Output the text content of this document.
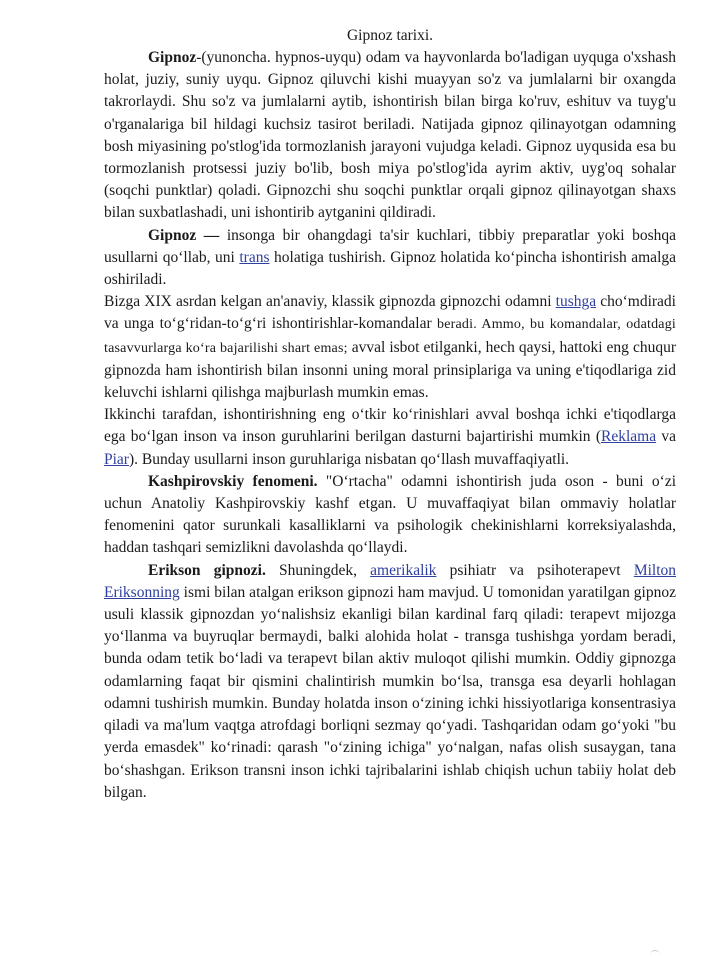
Gipnoz tarixi.

Gipnoz-(yunoncha. hypnos-uyqu) odam va hayvonlarda bo'ladigan uyquga o'xshash holat, juziy, suniy uyqu. Gipnoz qiluvchi kishi muayyan so'z va jumlalarni bir oxangda takrorlaydi. Shu so'z va jumlalarni aytib, ishontirish bilan birga ko'ruv, eshituv va tuyg'u o'rganalariga bil hildagi kuchsiz tasirot beriladi. Natijada gipnoz qilinayotgan odamning bosh miyasining po'stlog'ida tormozlanish jarayoni vujudga keladi. Gipnoz uyqusida esa bu tormozlanish protsessi juziy bo'lib, bosh miya po'stlog'ida ayrim aktiv, uyg'oq sohalar (soqchi punktlar) qoladi. Gipnozchi shu soqchi punktlar orqali gipnoz qilinayotgan shaxs bilan suxbatlashadi, uni ishontirib aytganini qildiradi.

Gipnoz — insonga bir ohangdagi ta'sir kuchlari, tibbiy preparatlar yoki boshqa usullarni qo‘llab, uni trans holatiga tushirish. Gipnoz holatida ko‘pincha ishontirish amalga oshiriladi.

Bizga XIX asrdan kelgan an'anaviy, klassik gipnozda gipnozchi odamni tushga cho‘mdiradi va unga to‘g‘ridan-to‘g‘ri ishontirishlar-komandalar beradi. Ammo, bu komandalar, odatdagi tasavvurlarga ko‘ra bajarilishi shart emas; avval isbot etilganki, hech qaysi, hattoki eng chuqur gipnozda ham ishontirish bilan insonni uning moral prinsiplariga va uning e'tiqodlariga zid keluvchi ishlarni qilishga majburlash mumkin emas.

Ikkinchi tarafdan, ishontirishning eng o‘tkir ko‘rinishlari avval boshqa ichki e'tiqodlarga ega bo‘lgan inson va inson guruhlarini berilgan dasturni bajartirishi mumkin (Reklama va Piar). Bunday usullarni inson guruhlariga nisbatan qo‘llash muvaffaqiyatli.

Kashpirovskiy fenomeni. "O‘rtacha" odamni ishontirish juda oson - buni o‘zi uchun Anatoliy Kashpirovskiy kashf etgan. U muvaffaqiyat bilan ommaviy holatlar fenomenini qator surunkali kasalliklarni va psihologik chekinishlarni korreksiyalashda, haddan tashqari semizlikni davolashda qo‘llaydi.

Erikson gipnozi. Shuningdek, amerikalik psihiatr va psihoterapevt Milton Eriksonning ismi bilan atalgan erikson gipnozi ham mavjud. U tomonidan yaratilgan gipnoz usuli klassik gipnozdan yo‘nalishsiz ekanligi bilan kardinal farq qiladi: terapevt mijozga yo‘llanma va buyruqlar bermaydi, balki alohida holat - transga tushishga yordam beradi, bunda odam tetik bo‘ladi va terapevt bilan aktiv muloqot qilishi mumkin. Oddiy gipnozga odamlarning faqat bir qismini chalintirish mumkin bo‘lsa, transga esa deyarli hohlagan odamni tushirish mumkin. Bunday holatda inson o‘zining ichki hissiyotlariga konsentrasiya qiladi va ma'lum vaqtga atrofdagi borliqni sezmay qo‘yadi. Tashqaridan odam go‘yoki "bu yerda emasdek" ko‘rinadi: qarash "o‘zining ichiga" yo‘nalgan, nafas olish susaygan, tana bo‘shashgan. Erikson transni inson ichki tajribalarini ishlab chiqish uchun tabiiy holat deb bilgan.
